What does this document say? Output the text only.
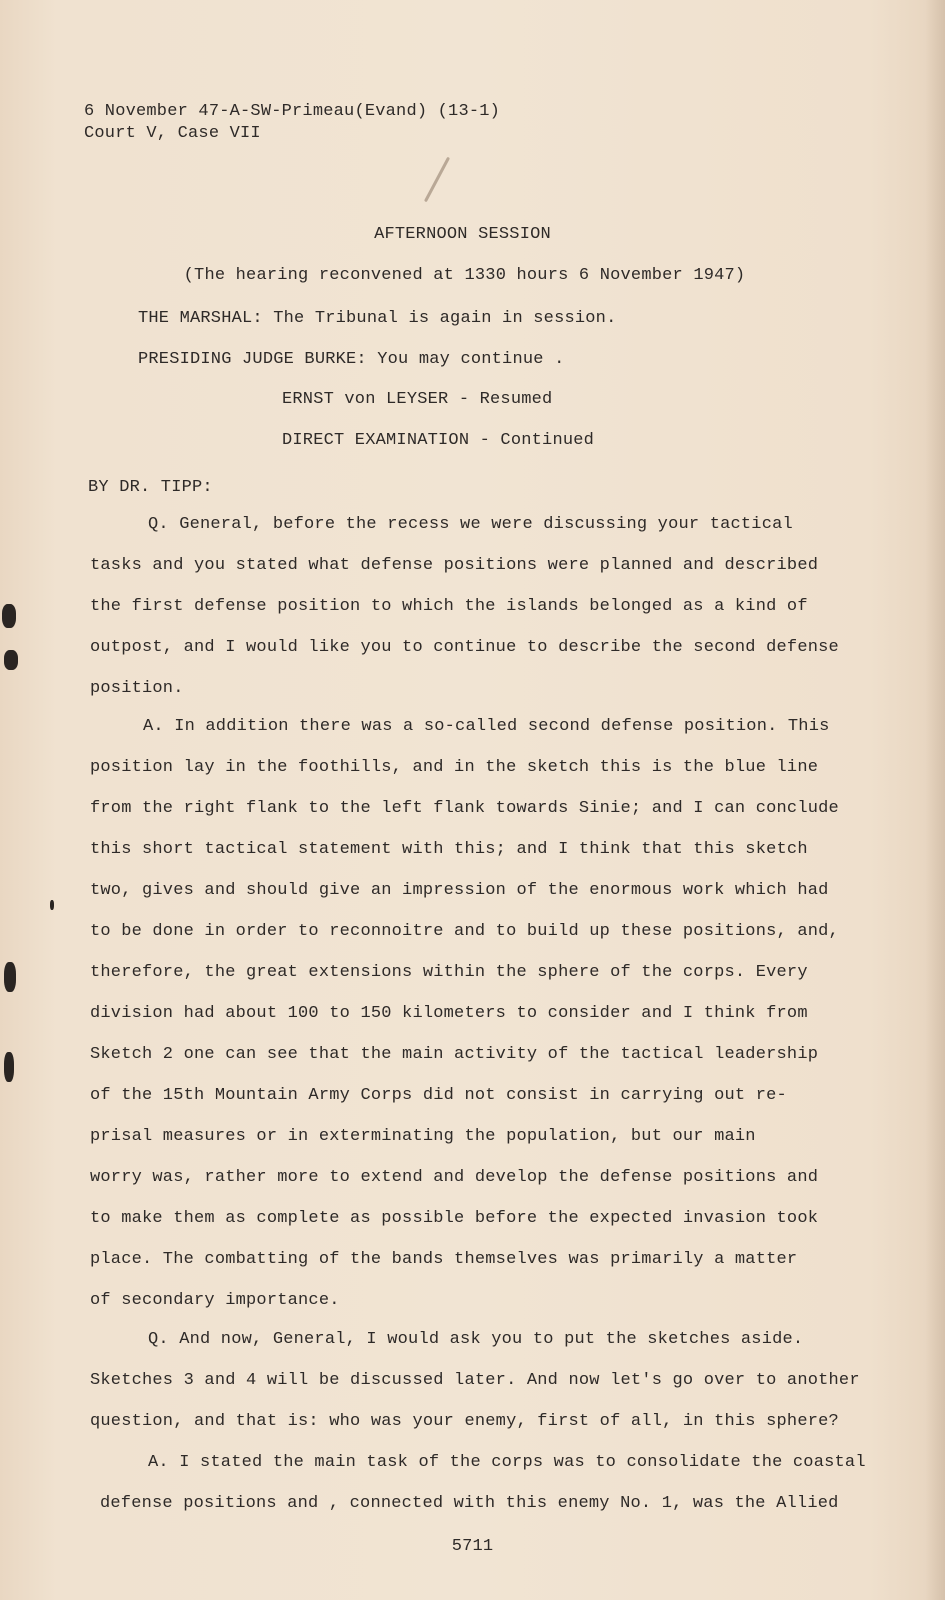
6 November 47-A-SW-Primeau(Evand) (13-1)
Court V, Case VII
AFTERNOON SESSION
(The hearing reconvened at 1330 hours 6 November 1947)
THE MARSHAL: The Tribunal is again in session.
PRESIDING JUDGE BURKE: You may continue .
ERNST von LEYSER - Resumed
DIRECT EXAMINATION - Continued
BY DR. TIPP:
Q. General, before the recess we were discussing your tactical
tasks and you stated what defense positions were planned and described
the first defense position to which the islands belonged as a kind of
outpost, and I would like you to continue to describe the second defense
position.
A. In addition there was a so-called second defense position. This
position lay in the foothills, and in the sketch this is the blue line
from the right flank to the left flank towards Sinie; and I can conclude
this short tactical statement with this; and I think that this sketch
two, gives and should give an impression of the enormous work which had
to be done in order to reconnoitre and to build up these positions, and,
therefore, the great extensions within the sphere of the corps. Every
division had about 100 to 150 kilometers to consider and I think from
Sketch 2 one can see that the main activity of the tactical leadership
of the 15th Mountain Army Corps did not consist in carrying out re-
prisal measures or in exterminating the population, but our main
worry was, rather more to extend and develop the defense positions and
to make them as complete as possible before the expected invasion took
place. The combatting of the bands themselves was primarily a matter
of secondary importance.
Q. And now, General, I would ask you to put the sketches aside.
Sketches 3 and 4 will be discussed later. And now let's go over to another
question, and that is: who was your enemy, first of all, in this sphere?
A. I stated the main task of the corps was to consolidate the coastal
defense positions and , connected with this enemy No. 1, was the Allied
5711
